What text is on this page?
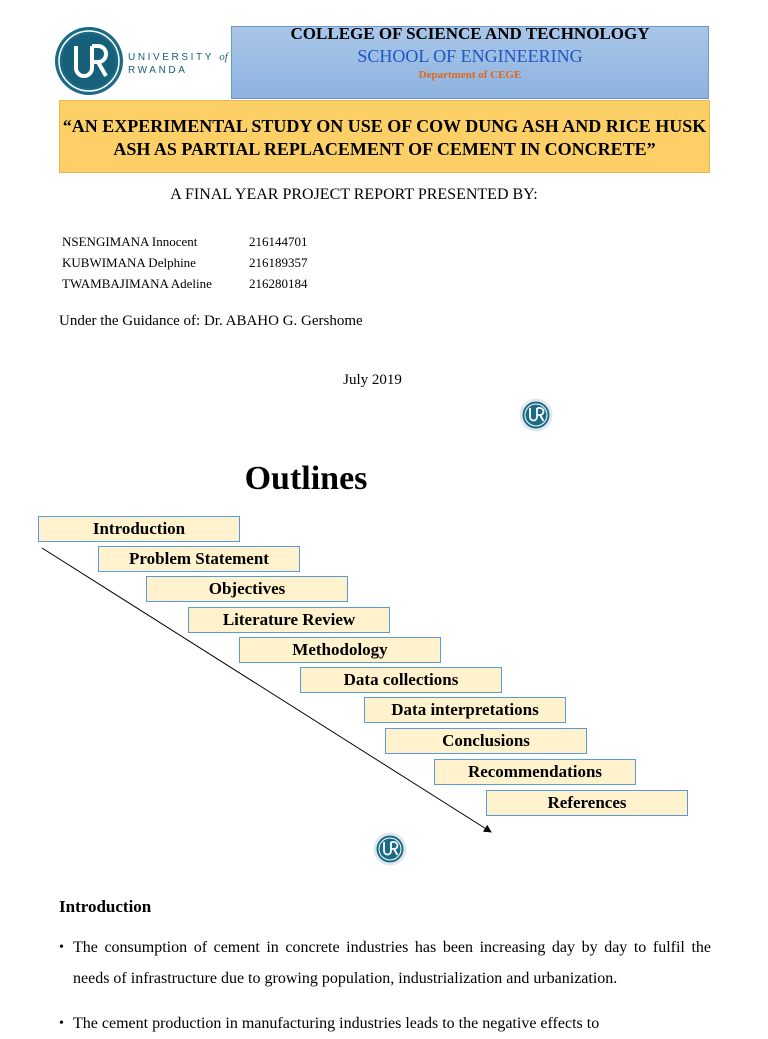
UNIVERSITY of
RWANDA
COLLEGE OF SCIENCE AND TECHNOLOGY
SCHOOL OF ENGINEERING
Department of CEGE
“AN EXPERIMENTAL STUDY ON USE OF COW DUNG ASH AND RICE HUSK ASH AS PARTIAL REPLACEMENT OF CEMENT IN CONCRETE”
A FINAL YEAR PROJECT REPORT PRESENTED BY:
NSENGIMANA Innocent	216144701
KUBWIMANA Delphine	216189357
TWAMBAJIMANA Adeline	216280184
Under the Guidance of: Dr. ABAHO G. Gershome
July 2019
Outlines
Introduction
Problem Statement
Objectives
Literature Review
Methodology
Data collections
Data interpretations
Conclusions
Recommendations
References
Introduction
• The consumption of cement in concrete industries has been increasing day by day to fulfil the needs of infrastructure due to growing population, industrialization and urbanization.
• The cement production in manufacturing industries leads to the negative effects to
